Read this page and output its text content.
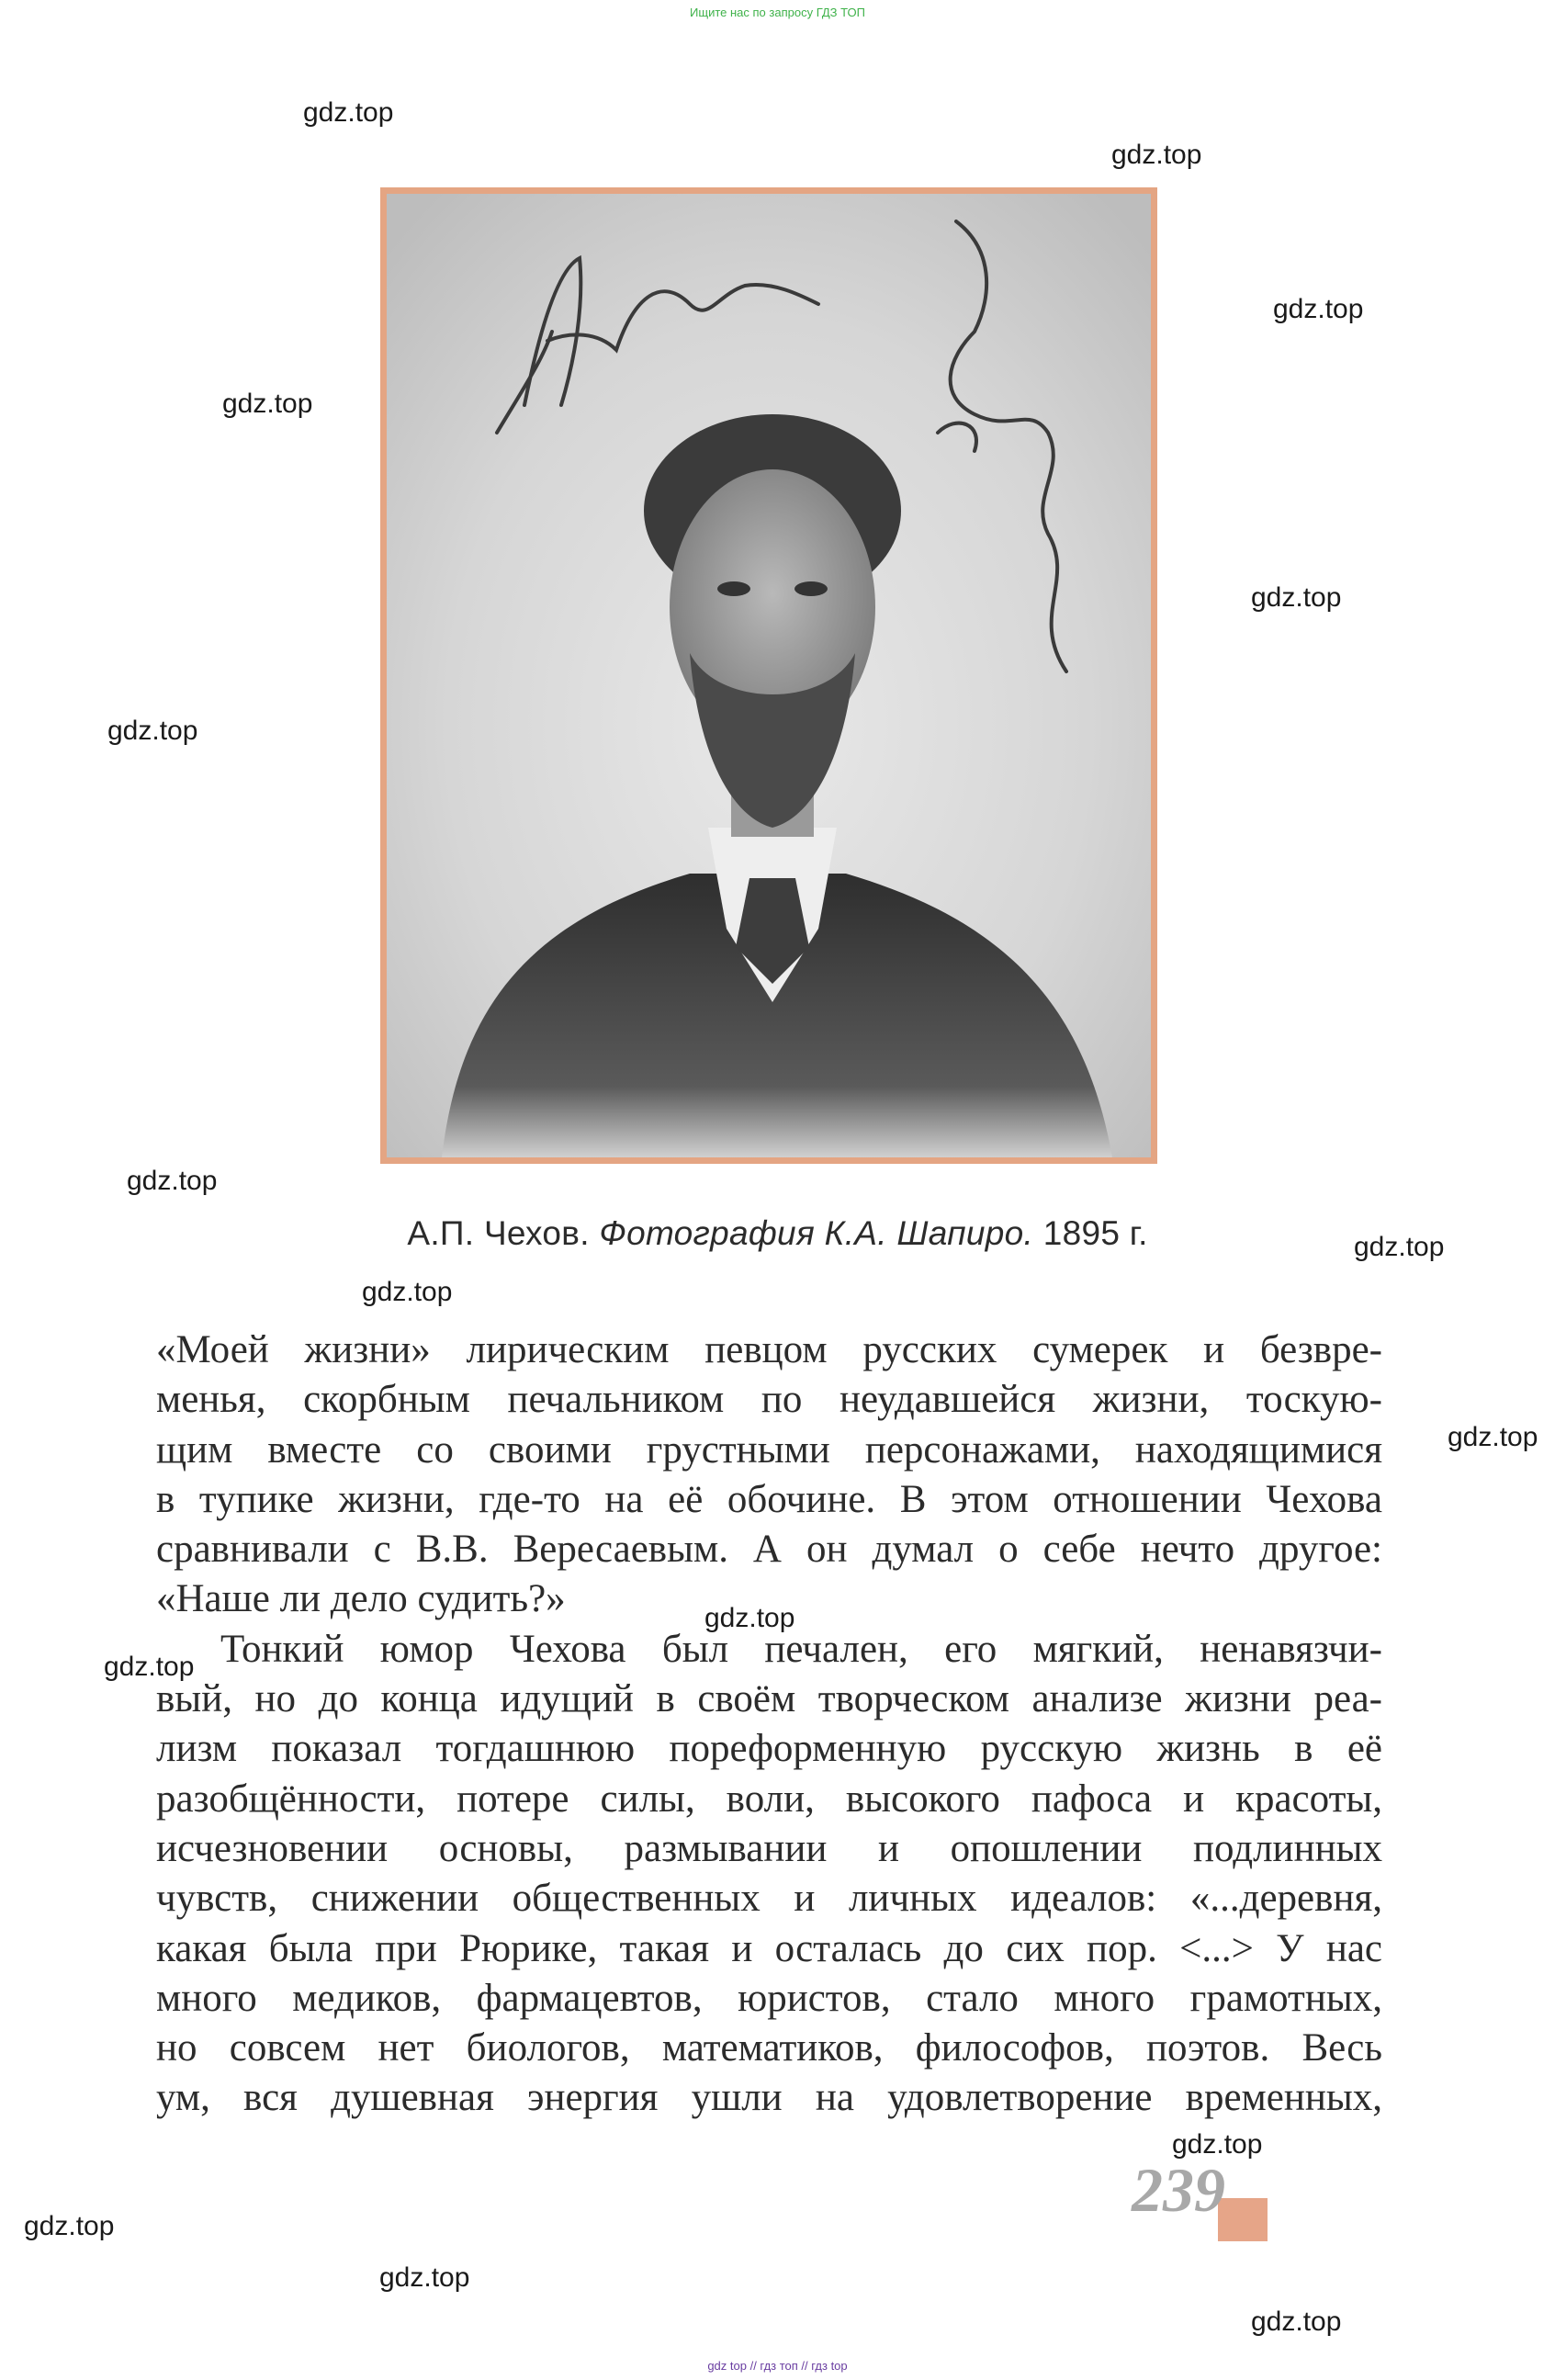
Ищите нас по запросу ГДЗ ТОП
gdz.top
gdz.top
gdz.top
gdz.top
gdz.top
gdz.top
gdz.top
gdz.top
gdz.top
gdz.top
gdz.top
gdz.top
gdz.top
gdz.top
gdz.top
gdz.top
А.П. Чехов. Фотография К.А. Шапиро. 1895 г.
«Моей жизни» лирическим певцом русских сумерек и безвре-
менья, скорбным печальником по неудавшейся жизни, тоскую-
щим вместе со своими грустными персонажами, находящимися
в тупике жизни, где-то на её обочине. В этом отношении Чехова
сравнивали с В.В. Вересаевым. А он думал о себе нечто другое:
«Наше ли дело судить?»
Тонкий юмор Чехова был печален, его мягкий, ненавязчи-
вый, но до конца идущий в своём творческом анализе жизни реа-
лизм показал тогдашнюю пореформенную русскую жизнь в её
разобщённости, потере силы, воли, высокого пафоса и красоты,
исчезновении основы, размывании и опошлении подлинных
чувств, снижении общественных и личных идеалов: «...деревня,
какая была при Рюрике, такая и осталась до сих пор. <...> У нас
много медиков, фармацевтов, юристов, стало много грамотных,
но совсем нет биологов, математиков, философов, поэтов. Весь
ум, вся душевная энергия ушли на удовлетворение временных,
239
gdz top // гдз топ // гдз top
